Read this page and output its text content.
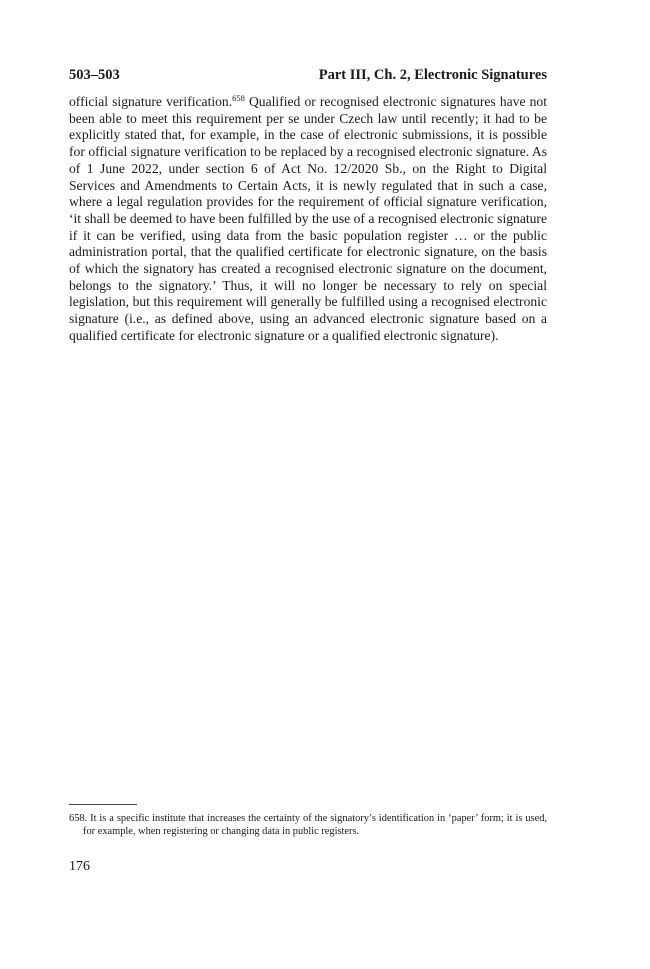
503–503	Part III, Ch. 2, Electronic Signatures
official signature verification.$^{658}$ Qualified or recognised electronic signatures have not been able to meet this requirement per se under Czech law until recently; it had to be explicitly stated that, for example, in the case of electronic submissions, it is possible for official signature verification to be replaced by a recognised electronic signature. As of 1 June 2022, under section 6 of Act No. 12/2020 Sb., on the Right to Digital Services and Amendments to Certain Acts, it is newly regulated that in such a case, where a legal regulation provides for the requirement of official signature verification, ‘it shall be deemed to have been fulfilled by the use of a recognised electronic signature if it can be verified, using data from the basic population register … or the public administration portal, that the qualified certificate for electronic signature, on the basis of which the signatory has created a recognised electronic signature on the document, belongs to the signatory.’ Thus, it will no longer be necessary to rely on special legislation, but this requirement will generally be fulfilled using a recognised electronic signature (i.e., as defined above, using an advanced electronic signature based on a qualified certificate for electronic signature or a qualified electronic signature).
658. It is a specific institute that increases the certainty of the signatory’s identification in ‘paper’ form; it is used, for example, when registering or changing data in public registers.
176
